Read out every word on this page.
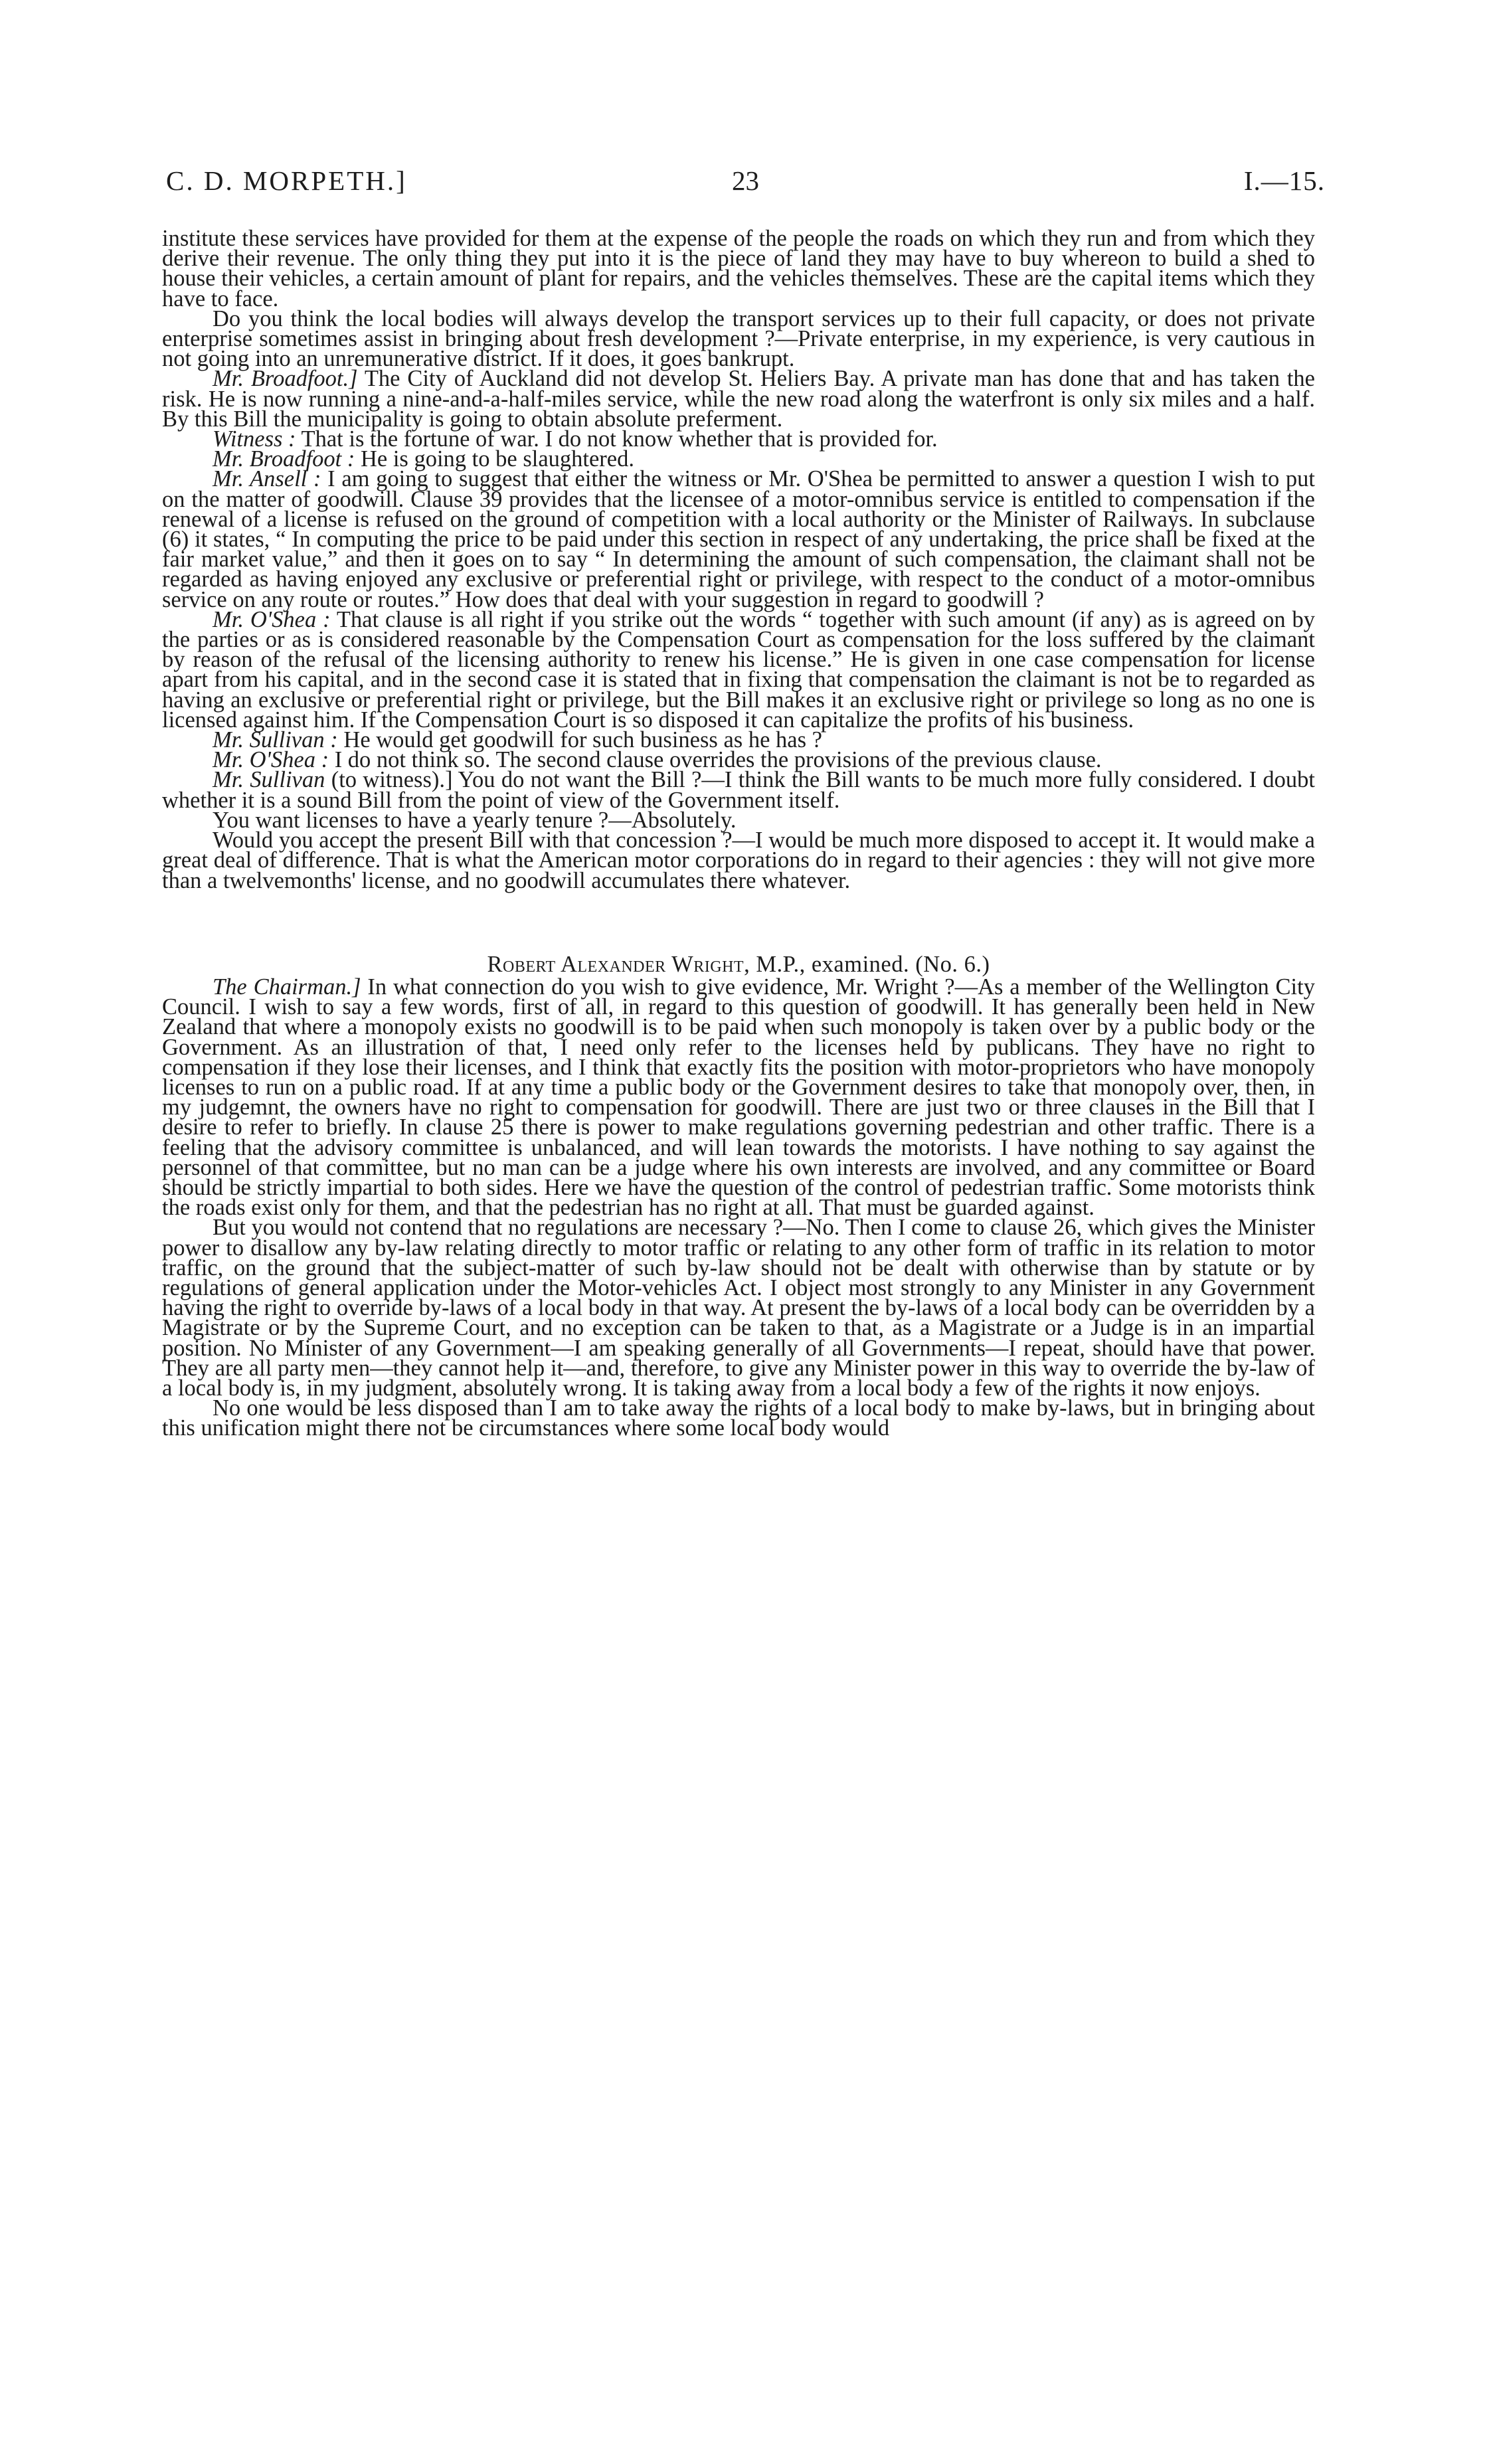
C. D. MORPETH.]	23	I.—15.

institute these services have provided for them at the expense of the people the roads on which they run and from which they derive their revenue. The only thing they put into it is the piece of land they may have to buy whereon to build a shed to house their vehicles, a certain amount of plant for repairs, and the vehicles themselves. These are the capital items which they have to face.

Do you think the local bodies will always develop the transport services up to their full capacity, or does not private enterprise sometimes assist in bringing about fresh development ?—Private enterprise, in my experience, is very cautious in not going into an unremunerative district. If it does, it goes bankrupt.

Mr. Broadfoot.] The City of Auckland did not develop St. Heliers Bay. A private man has done that and has taken the risk. He is now running a nine-and-a-half-miles service, while the new road along the waterfront is only six miles and a half. By this Bill the municipality is going to obtain absolute preferment.

Witness : That is the fortune of war. I do not know whether that is provided for.

Mr. Broadfoot : He is going to be slaughtered.

Mr. Ansell : I am going to suggest that either the witness or Mr. O'Shea be permitted to answer a question I wish to put on the matter of goodwill. Clause 39 provides that the licensee of a motor-omnibus service is entitled to compensation if the renewal of a license is refused on the ground of competition with a local authority or the Minister of Railways. In subclause (6) it states, “ In computing the price to be paid under this section in respect of any undertaking, the price shall be fixed at the fair market value,” and then it goes on to say “ In determining the amount of such compensation, the claimant shall not be regarded as having enjoyed any exclusive or preferential right or privilege, with respect to the conduct of a motor-omnibus service on any route or routes.” How does that deal with your suggestion in regard to goodwill ?

Mr. O'Shea : That clause is all right if you strike out the words “ together with such amount (if any) as is agreed on by the parties or as is considered reasonable by the Compensation Court as compensation for the loss suffered by the claimant by reason of the refusal of the licensing authority to renew his license.” He is given in one case compensation for license apart from his capital, and in the second case it is stated that in fixing that compensation the claimant is not be to regarded as having an exclusive or preferential right or privilege, but the Bill makes it an exclusive right or privilege so long as no one is licensed against him. If the Compensation Court is so disposed it can capitalize the profits of his business.

Mr. Sullivan : He would get goodwill for such business as he has ?

Mr. O'Shea : I do not think so. The second clause overrides the provisions of the previous clause.

Mr. Sullivan (to witness).] You do not want the Bill ?—I think the Bill wants to be much more fully considered. I doubt whether it is a sound Bill from the point of view of the Government itself.

You want licenses to have a yearly tenure ?—Absolutely.

Would you accept the present Bill with that concession ?—I would be much more disposed to accept it. It would make a great deal of difference. That is what the American motor corporations do in regard to their agencies : they will not give more than a twelvemonths' license, and no goodwill accumulates there whatever.

Robert Alexander Wright, M.P., examined. (No. 6.)

The Chairman.] In what connection do you wish to give evidence, Mr. Wright ?—As a member of the Wellington City Council. I wish to say a few words, first of all, in regard to this question of goodwill. It has generally been held in New Zealand that where a monopoly exists no goodwill is to be paid when such monopoly is taken over by a public body or the Government. As an illustration of that, I need only refer to the licenses held by publicans. They have no right to compensation if they lose their licenses, and I think that exactly fits the position with motor-proprietors who have monopoly licenses to run on a public road. If at any time a public body or the Government desires to take that monopoly over, then, in my judgemnt, the owners have no right to compensation for goodwill. There are just two or three clauses in the Bill that I desire to refer to briefly. In clause 25 there is power to make regulations governing pedestrian and other traffic. There is a feeling that the advisory committee is unbalanced, and will lean towards the motorists. I have nothing to say against the personnel of that committee, but no man can be a judge where his own interests are involved, and any committee or Board should be strictly impartial to both sides. Here we have the question of the control of pedestrian traffic. Some motorists think the roads exist only for them, and that the pedestrian has no right at all. That must be guarded against.

But you would not contend that no regulations are necessary ?—No. Then I come to clause 26, which gives the Minister power to disallow any by-law relating directly to motor traffic or relating to any other form of traffic in its relation to motor traffic, on the ground that the subject-matter of such by-law should not be dealt with otherwise than by statute or by regulations of general application under the Motor-vehicles Act. I object most strongly to any Minister in any Government having the right to override by-laws of a local body in that way. At present the by-laws of a local body can be overridden by a Magistrate or by the Supreme Court, and no exception can be taken to that, as a Magistrate or a Judge is in an impartial position. No Minister of any Government—I am speaking generally of all Governments—I repeat, should have that power. They are all party men—they cannot help it—and, therefore, to give any Minister power in this way to override the by-law of a local body is, in my judgment, absolutely wrong. It is taking away from a local body a few of the rights it now enjoys.

No one would be less disposed than I am to take away the rights of a local body to make by-laws, but in bringing about this unification might there not be circumstances where some local body would
